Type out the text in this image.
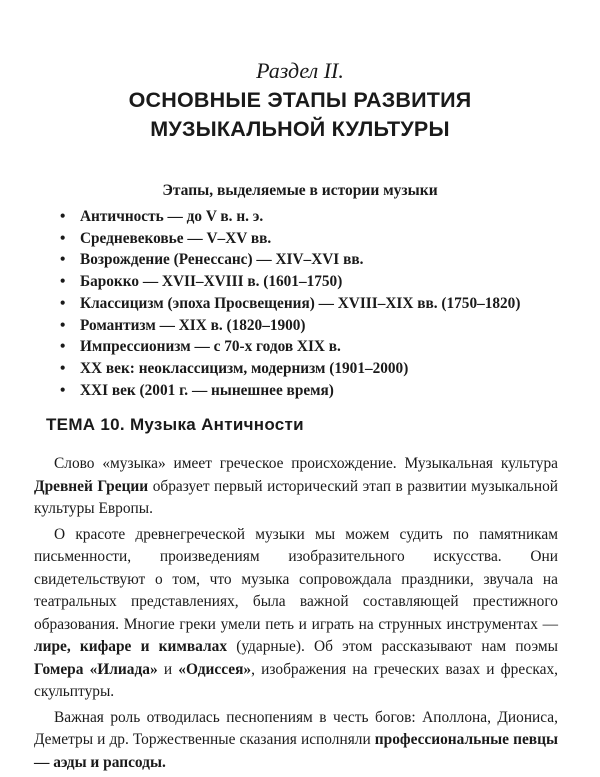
Раздел II.
ОСНОВНЫЕ ЭТАПЫ РАЗВИТИЯ
МУЗЫКАЛЬНОЙ КУЛЬТУРЫ
Этапы, выделяемые в истории музыки
• Античность — до V в. н. э.
• Средневековье — V–XV вв.
• Возрождение (Ренессанс) — XIV–XVI вв.
• Барокко — XVII–XVIII в. (1601–1750)
• Классицизм (эпоха Просвещения) — XVIII–XIX вв. (1750–1820)
• Романтизм — XIX в. (1820–1900)
• Импрессионизм — с 70-х годов XIX в.
• XX век: неоклассицизм, модернизм (1901–2000)
• XXI век (2001 г. — нынешнее время)
ТЕМА 10. Музыка Античности

Слово «музыка» имеет греческое происхождение. Музыкальная культура Древней Греции образует первый исторический этап в развитии музыкальной культуры Европы.

О красоте древнегреческой музыки мы можем судить по памятникам письменности, произведениям изобразительного искусства. Они свидетельствуют о том, что музыка сопровождала праздники, звучала на театральных представлениях, была важной составляющей престижного образования. Многие греки умели петь и играть на струнных инструментах — лире, кифаре и кимвалах (ударные). Об этом рассказывают нам поэмы Гомера «Илиада» и «Одиссея», изображения на греческих вазах и фресках, скульптуры.

Важная роль отводилась песнопениям в честь богов: Аполлона, Диониса, Деметры и др. Торжественные сказания исполняли профессиональные певцы — аэды и рапсоды.
